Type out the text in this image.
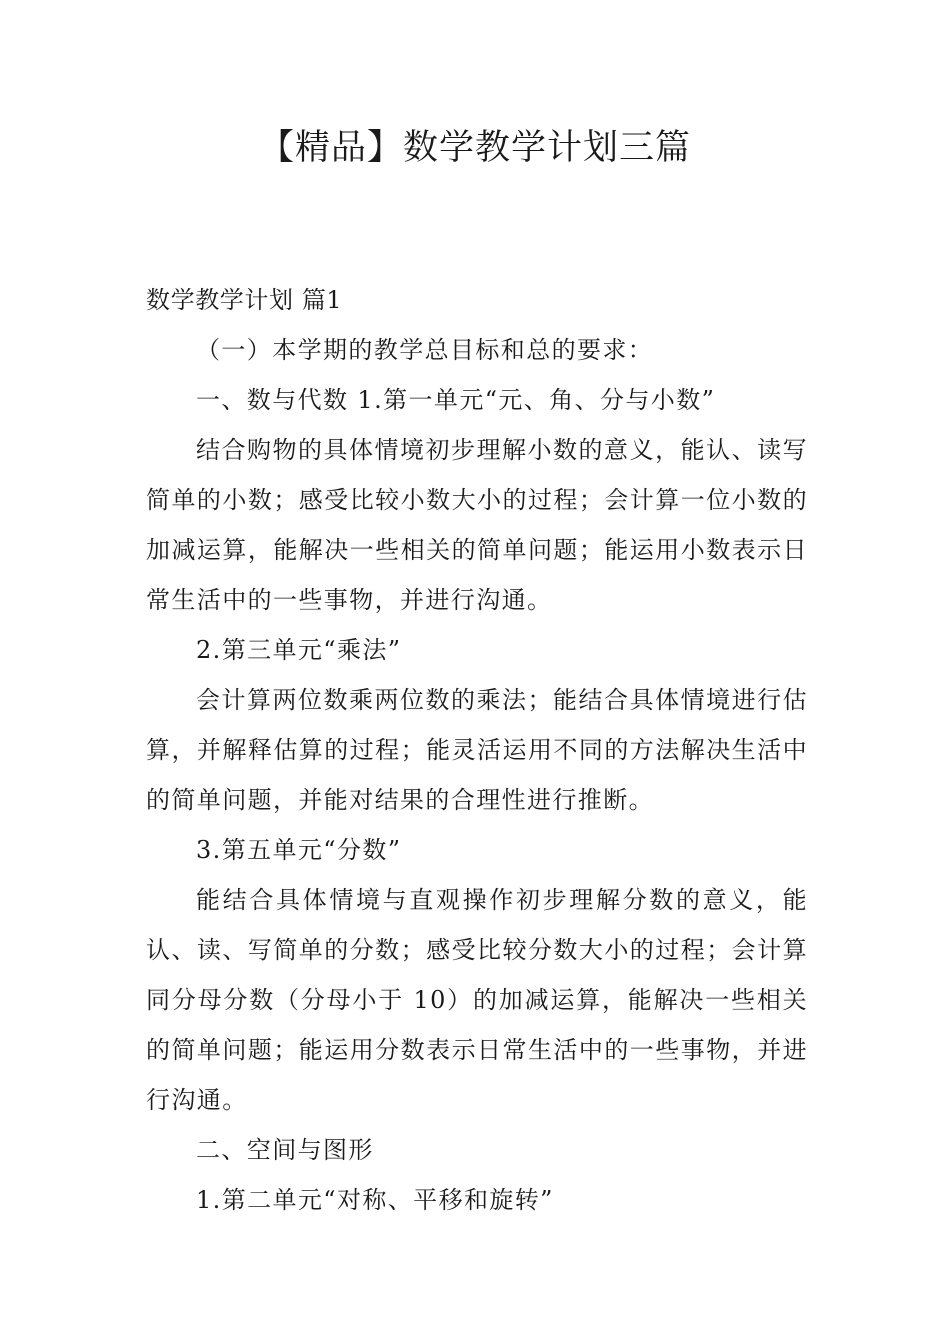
【精品】数学教学计划三篇

数学教学计划 篇1

（一）本学期的教学总目标和总的要求：

一、数与代数 1.第一单元“元、角、分与小数”

结合购物的具体情境初步理解小数的意义，能认、读写简单的小数；感受比较小数大小的过程；会计算一位小数的加减运算，能解决一些相关的简单问题；能运用小数表示日常生活中的一些事物，并进行沟通。

2.第三单元“乘法”

会计算两位数乘两位数的乘法；能结合具体情境进行估算，并解释估算的过程；能灵活运用不同的方法解决生活中的简单问题，并能对结果的合理性进行推断。

3.第五单元“分数”

能结合具体情境与直观操作初步理解分数的意义，能认、读、写简单的分数；感受比较分数大小的过程；会计算同分母分数（分母小于 10）的加减运算，能解决一些相关的简单问题；能运用分数表示日常生活中的一些事物，并进行沟通。

二、空间与图形

1.第二单元“对称、平移和旋转”
